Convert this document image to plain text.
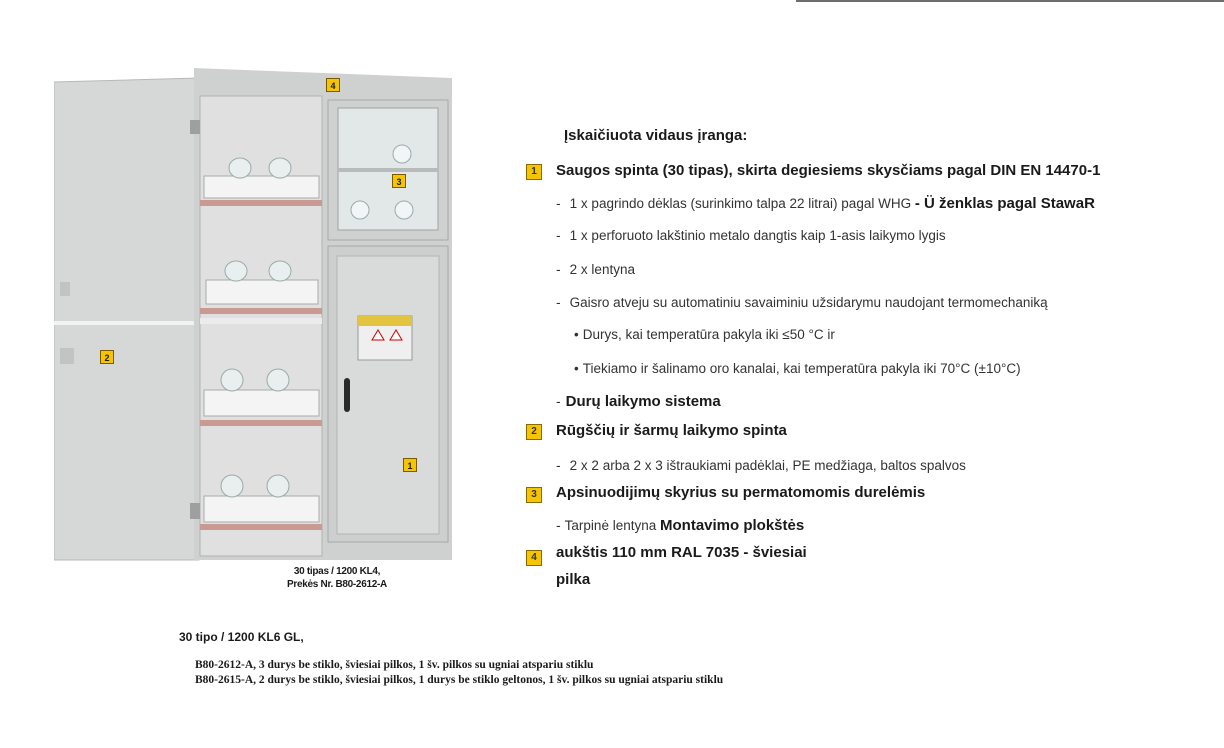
4
3
2
1
30 tipas / 1200 KL4,
Prekės Nr. B80-2612-A
Įskaičiuota vidaus įranga:
1	Saugos spinta (30 tipas), skirta degiesiems skysčiams pagal DIN EN 14470-1
- 1 x pagrindo dėklas (surinkimo talpa 22 litrai) pagal WHG - Ü ženklas pagal StawaR
- 1 x perforuoto lakštinio metalo dangtis kaip 1-asis laikymo lygis
- 2 x lentyna
- Gaisro atveju su automatiniu savaiminiu užsidarymu naudojant termomechaniką
• Durys, kai temperatūra pakyla iki ≤50 °C ir
• Tiekiamo ir šalinamo oro kanalai, kai temperatūra pakyla iki 70°C (±10°C)
- Durų laikymo sistema
2	Rūgščių ir šarmų laikymo spinta
- 2 x 2 arba 2 x 3 ištraukiami padėklai, PE medžiaga, baltos spalvos
3	Apsinuodijimų skyrius su permatomomis durelėmis
- Tarpinė lentyna Montavimo plokštės
4	aukštis 110 mm RAL 7035 - šviesiai
pilka
30 tipo / 1200 KL6 GL,
B80-2612-A, 3 durys be stiklo, šviesiai pilkos, 1 šv. pilkos su ugniai atspariu stiklu
B80-2615-A, 2 durys be stiklo, šviesiai pilkos, 1 durys be stiklo geltonos, 1 šv. pilkos su ugniai atspariu stiklu
